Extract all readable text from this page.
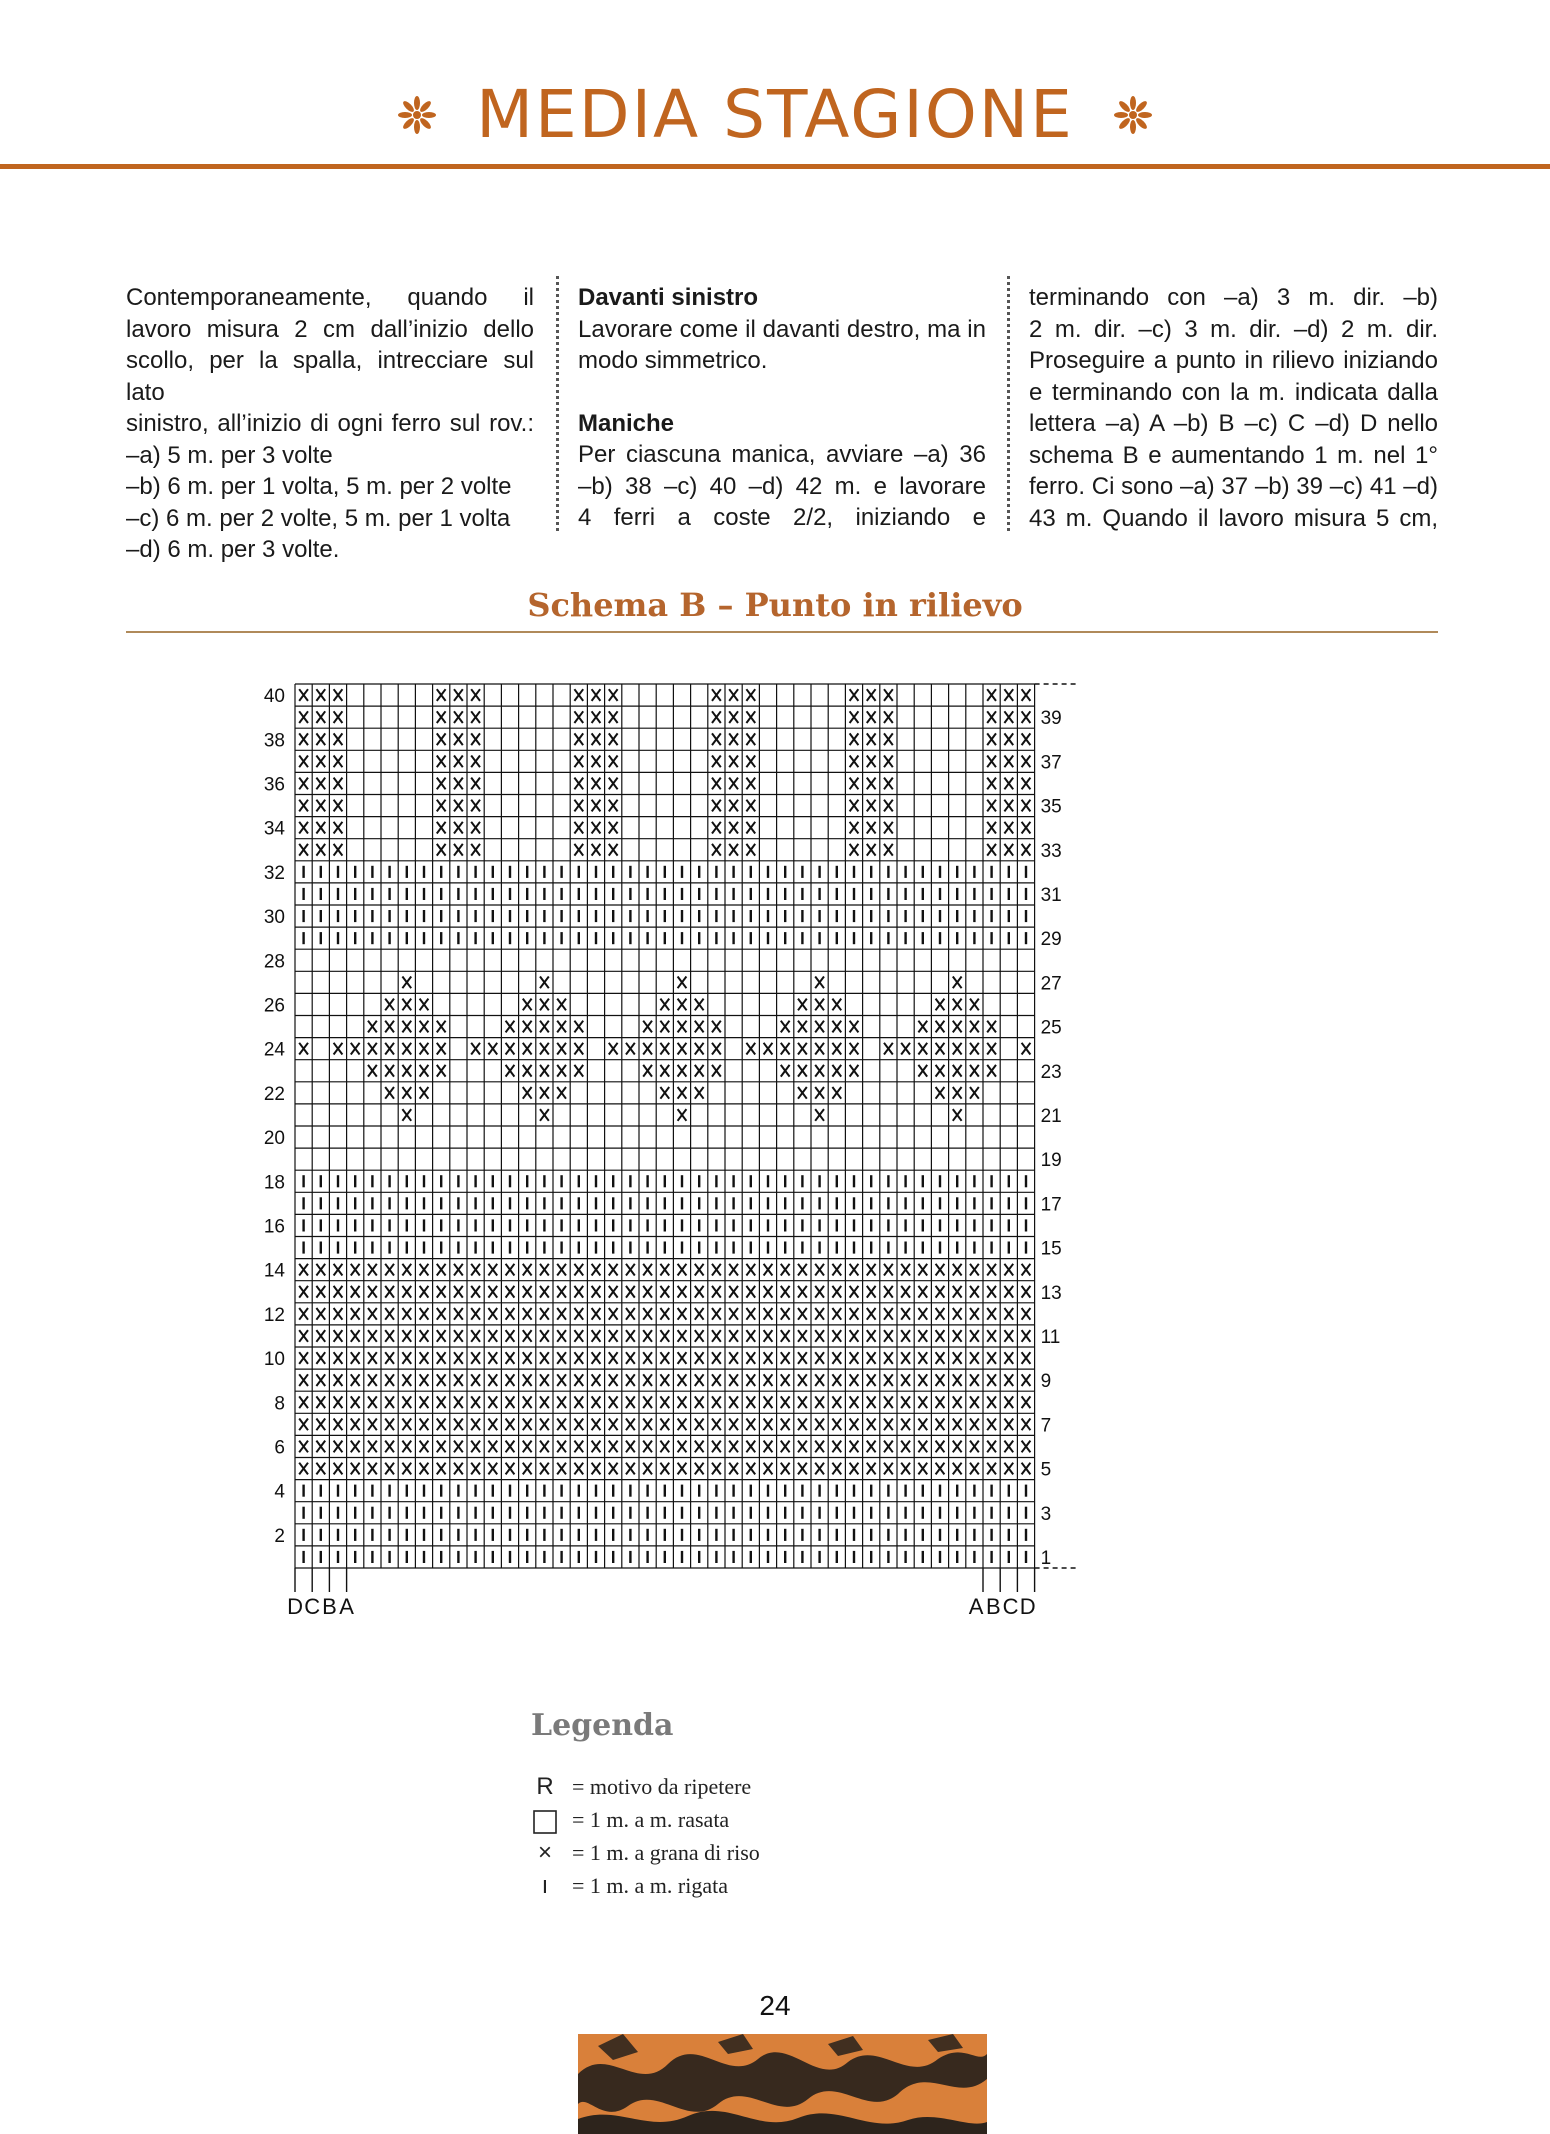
MEDIA STAGIONE

Contemporaneamente, quando il

lavoro misura 2 cm dall’inizio dello

scollo, per la spalla, intrecciare sul lato

sinistro, all’inizio di ogni ferro sul rov.:

–a) 5 m. per 3 volte

–b) 6 m. per 1 volta, 5 m. per 2 volte

–c) 6 m. per 2 volte, 5 m. per 1 volta

–d) 6 m. per 3 volte.

Davanti sinistro

Lavorare come il davanti destro, ma in

modo simmetrico.

Maniche

Per ciascuna manica, avviare –a) 36

–b) 38 –c) 40 –d) 42 m. e lavorare

4 ferri a coste 2/2, iniziando e

terminando con –a) 3 m. dir. –b)

2 m. dir. –c) 3 m. dir. –d) 2 m. dir.

Proseguire a punto in rilievo iniziando

e terminando con la m. indicata dalla

lettera –a) A –b) B –c) C –d) D nello

schema B e aumentando 1 m. nel 1°

ferro. Ci sono –a) 37 –b) 39 –c) 41 –d)

43 m. Quando il lavoro misura 5 cm,

Schema B – Punto in rilievo
40
38
36
34
32
30
28
26
24
22
20
18
16
14
12
10
8
6
4
2
39
37
35
33
31
29
27
25
23
21
19
17
15
13
11
9
7
5
3
1
D C B A	A B C D
Legenda
R = motivo da ripetere
= 1 m. a m. rasata
× = 1 m. a grana di riso
ı	= 1 m. a m. rigata
24
